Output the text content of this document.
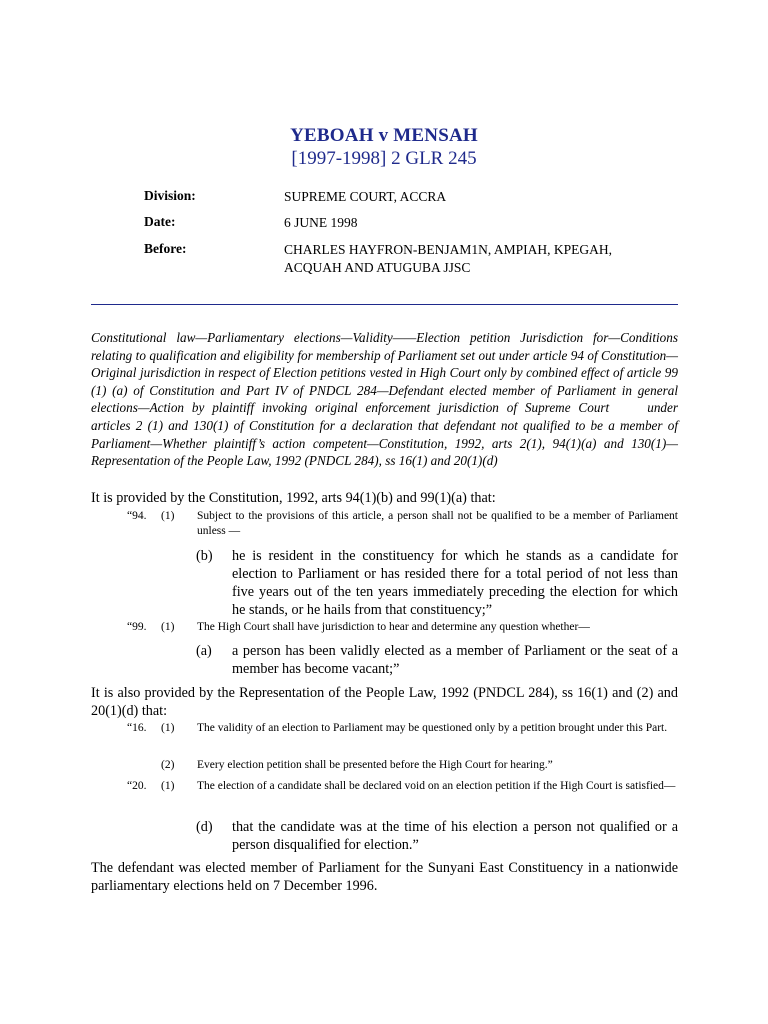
YEBOAH v MENSAH
[1997-1998] 2 GLR 245
Division:	SUPREME COURT, ACCRA
Date:	6 JUNE 1998
Before:	CHARLES HAYFRON-BENJAM1N, AMPIAH, KPEGAH,
ACQUAH AND ATUGUBA JJSC
Constitutional law—Parliamentary elections—Validity——Election petition Jurisdiction for—Conditions relating to qualification and eligibility for membership of Parliament set out under article 94 of Constitution—Original jurisdiction in respect of Election petitions vested in High Court only by combined effect of article 99 (1) (a) of Constitution and Part IV of PNDCL 284—Defendant elected member of Parliament in general elections—Action by plaintiff invoking original enforcement jurisdiction of Supreme Court	under articles 2 (1) and 130(1) of Constitution for a declaration that defendant not qualified to be a member of Parliament—Whether plaintiff’s action competent—Constitution, 1992, arts 2(1), 94(1)(a) and 130(1)—Representation of the People Law, 1992 (PNDCL 284), ss 16(1) and 20(1)(d)
It is provided by the Constitution, 1992, arts 94(1)(b) and 99(1)(a) that:
“94. (1) Subject to the provisions of this article, a person shall not be qualified to be a member of Parliament unless —
(b) he is resident in the constituency for which he stands as a candidate for election to Parliament or has resided there for a total period of not less than five years out of the ten years immediately preceding the election for which he stands, or he hails from that constituency;”
“99. (1) The High Court shall have jurisdiction to hear and determine any question whether—
(a) a person has been validly elected as a member of Parliament or the seat of a member has become vacant;”
It is also provided by the Representation of the People Law, 1992 (PNDCL 284), ss 16(1) and (2) and 20(1)(d) that:
“16. (1) The validity of an election to Parliament may be questioned only by a petition brought under this Part.
(2) Every election petition shall be presented before the High Court for hearing.”
“20. (1) The election of a candidate shall be declared void on an election petition if the High Court is satisfied—
(d) that the candidate was at the time of his election a person not qualified or a person disqualified for election.”
The defendant was elected member of Parliament for the Sunyani East Constituency in a nationwide parliamentary elections held on 7 December 1996.
